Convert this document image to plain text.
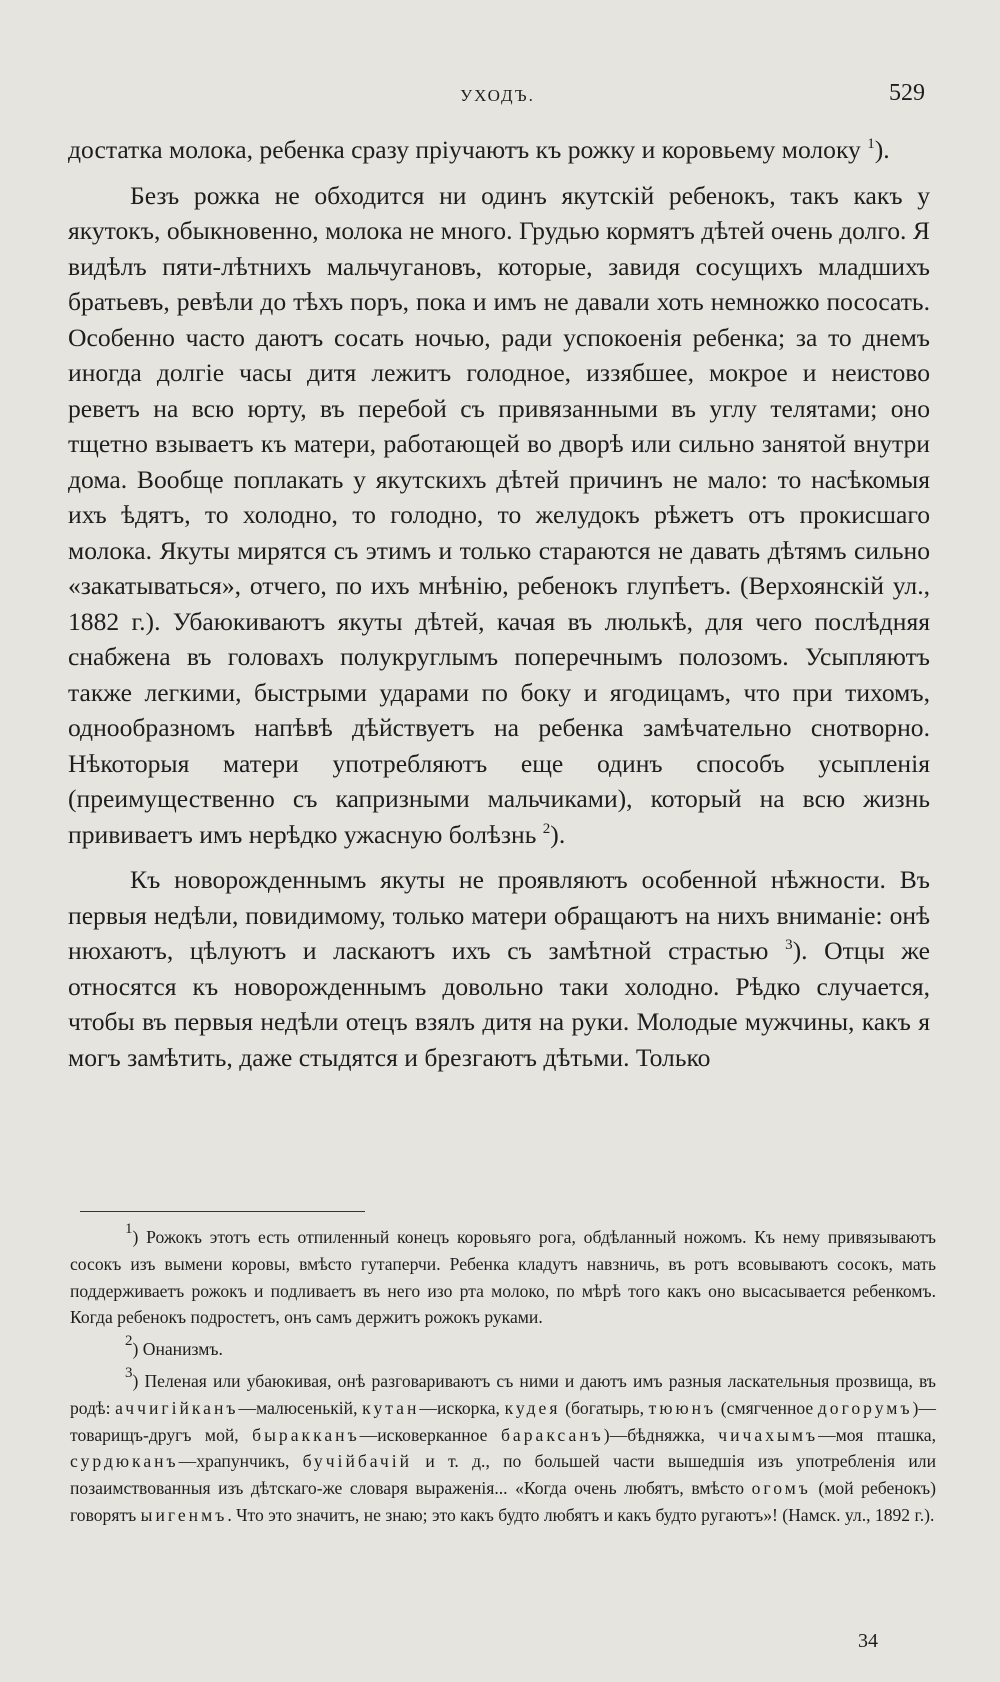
УХОДЪ.	529

достатка молока, ребенка сразу пріучаютъ къ рожку и коровьему молоку $^1$).

Безъ рожка не обходится ни одинъ якутскій ребенокъ, такъ какъ у якутокъ, обыкновенно, молока не много. Грудью кормятъ дѣтей очень долго. Я видѣлъ пяти-лѣтнихъ мальчугановъ, которые, завидя сосущихъ младшихъ братьевъ, ревѣли до тѣхъ поръ, пока и имъ не давали хоть немножко пососать. Особенно часто даютъ сосать ночью, ради успокоенія ребенка; за то днемъ иногда долгіе часы дитя лежитъ голодное, иззябшее, мокрое и неистово реветъ на всю юрту, въ перебой съ привязанными въ углу телятами; оно тщетно взываетъ къ матери, работающей во дворѣ или сильно занятой внутри дома. Вообще поплакать у якутскихъ дѣтей причинъ не мало: то насѣкомыя ихъ ѣдятъ, то холодно, то голодно, то желудокъ рѣжетъ отъ прокисшаго молока. Якуты мирятся съ этимъ и только стараются не давать дѣтямъ сильно «закатываться», отчего, по ихъ мнѣнію, ребенокъ глупѣетъ. (Верхоянскій ул., 1882 г.). Убаюкиваютъ якуты дѣтей, качая въ люлькѣ, для чего послѣдняя снабжена въ головахъ полукруглымъ поперечнымъ полозомъ. Усыпляютъ также легкими, быстрыми ударами по боку и ягодицамъ, что при тихомъ, однообразномъ напѣвѣ дѣйствуетъ на ребенка замѣчательно снотворно. Нѣкоторыя матери употребляютъ еще одинъ способъ усыпленія (преимущественно съ капризными мальчиками), который на всю жизнь прививаетъ имъ нерѣдко ужасную болѣзнь $^2$).

Къ новорожденнымъ якуты не проявляютъ особенной нѣжности. Въ первыя недѣли, повидимому, только матери обращаютъ на нихъ вниманіе: онѣ нюхаютъ, цѣлуютъ и ласкаютъ ихъ съ замѣтной страстью $^3$). Отцы же относятся къ новорожденнымъ довольно таки холодно. Рѣдко случается, чтобы въ первыя недѣли отецъ взялъ дитя на руки. Молодые мужчины, какъ я могъ замѣтить, даже стыдятся и брезгаютъ дѣтьми. Только

$^1$) Рожокъ этотъ есть отпиленный конецъ коровьяго рога, обдѣланный ножомъ. Къ нему привязываютъ сосокъ изъ вымени коровы, вмѣсто гутаперчи. Ребенка кладутъ навзничь, въ ротъ всовываютъ сосокъ, мать поддерживаетъ рожокъ и подливаетъ въ него изо рта молоко, по мѣрѣ того какъ оно высасывается ребенкомъ. Когда ребенокъ подростетъ, онъ самъ держитъ рожокъ руками.

$^2$) Онанизмъ.

$^3$) Пеленая или убаюкивая, онѣ разговариваютъ съ ними и даютъ имъ разныя ласкательныя прозвища, въ родѣ: аччигійканъ—малюсенькій, кутан—искорка, кудея (богатырь, тююнъ (смягченное догорумъ)—товарищъ-другъ мой, быракканъ—исковерканное бараксанъ)—бѣдняжка, чичахымъ—моя пташка, сурдюканъ—храпунчикъ, бучійбачій и т. д., по большей части вышедшія изъ употребленія или позаимствованныя изъ дѣтскаго-же словаря выраженія... «Когда очень любятъ, вмѣсто огомъ (мой ребенокъ) говорятъ ыигенмъ. Что это значитъ, не знаю; это какъ будто любятъ и какъ будто ругаютъ»! (Намск. ул., 1892 г.).

34
